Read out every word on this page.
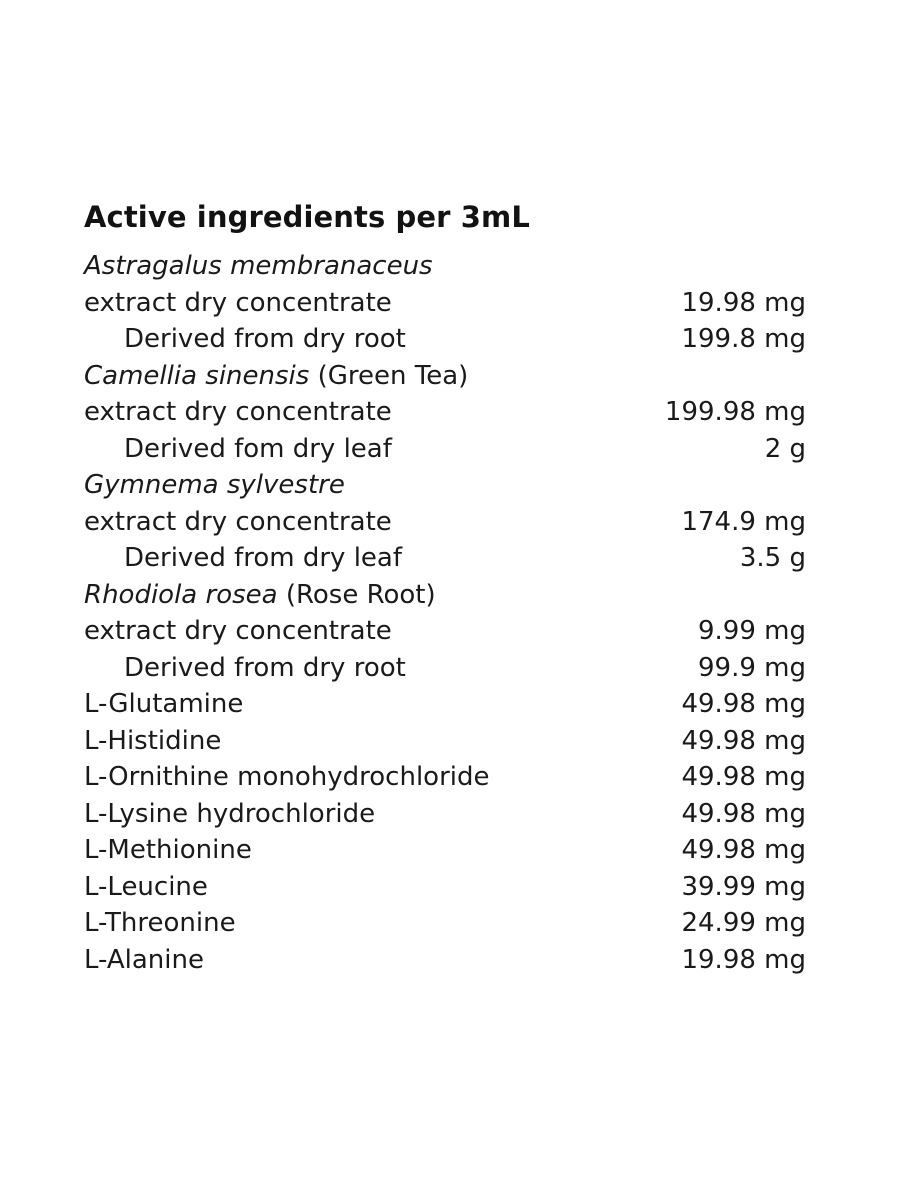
Active ingredients per 3mL
Astragalus membranaceus	
extract dry concentrate	19.98 mg
Derived from dry root	199.8 mg
Camellia sinensis (Green Tea)	
extract dry concentrate	199.98 mg
Derived fom dry leaf	2 g
Gymnema sylvestre	
extract dry concentrate	174.9 mg
Derived from dry leaf	3.5 g
Rhodiola rosea (Rose Root)	
extract dry concentrate	9.99 mg
Derived from dry root	99.9 mg
L-Glutamine	49.98 mg
L-Histidine	49.98 mg
L-Ornithine monohydrochloride	49.98 mg
L-Lysine hydrochloride	49.98 mg
L-Methionine	49.98 mg
L-Leucine	39.99 mg
L-Threonine	24.99 mg
L-Alanine	19.98 mg
